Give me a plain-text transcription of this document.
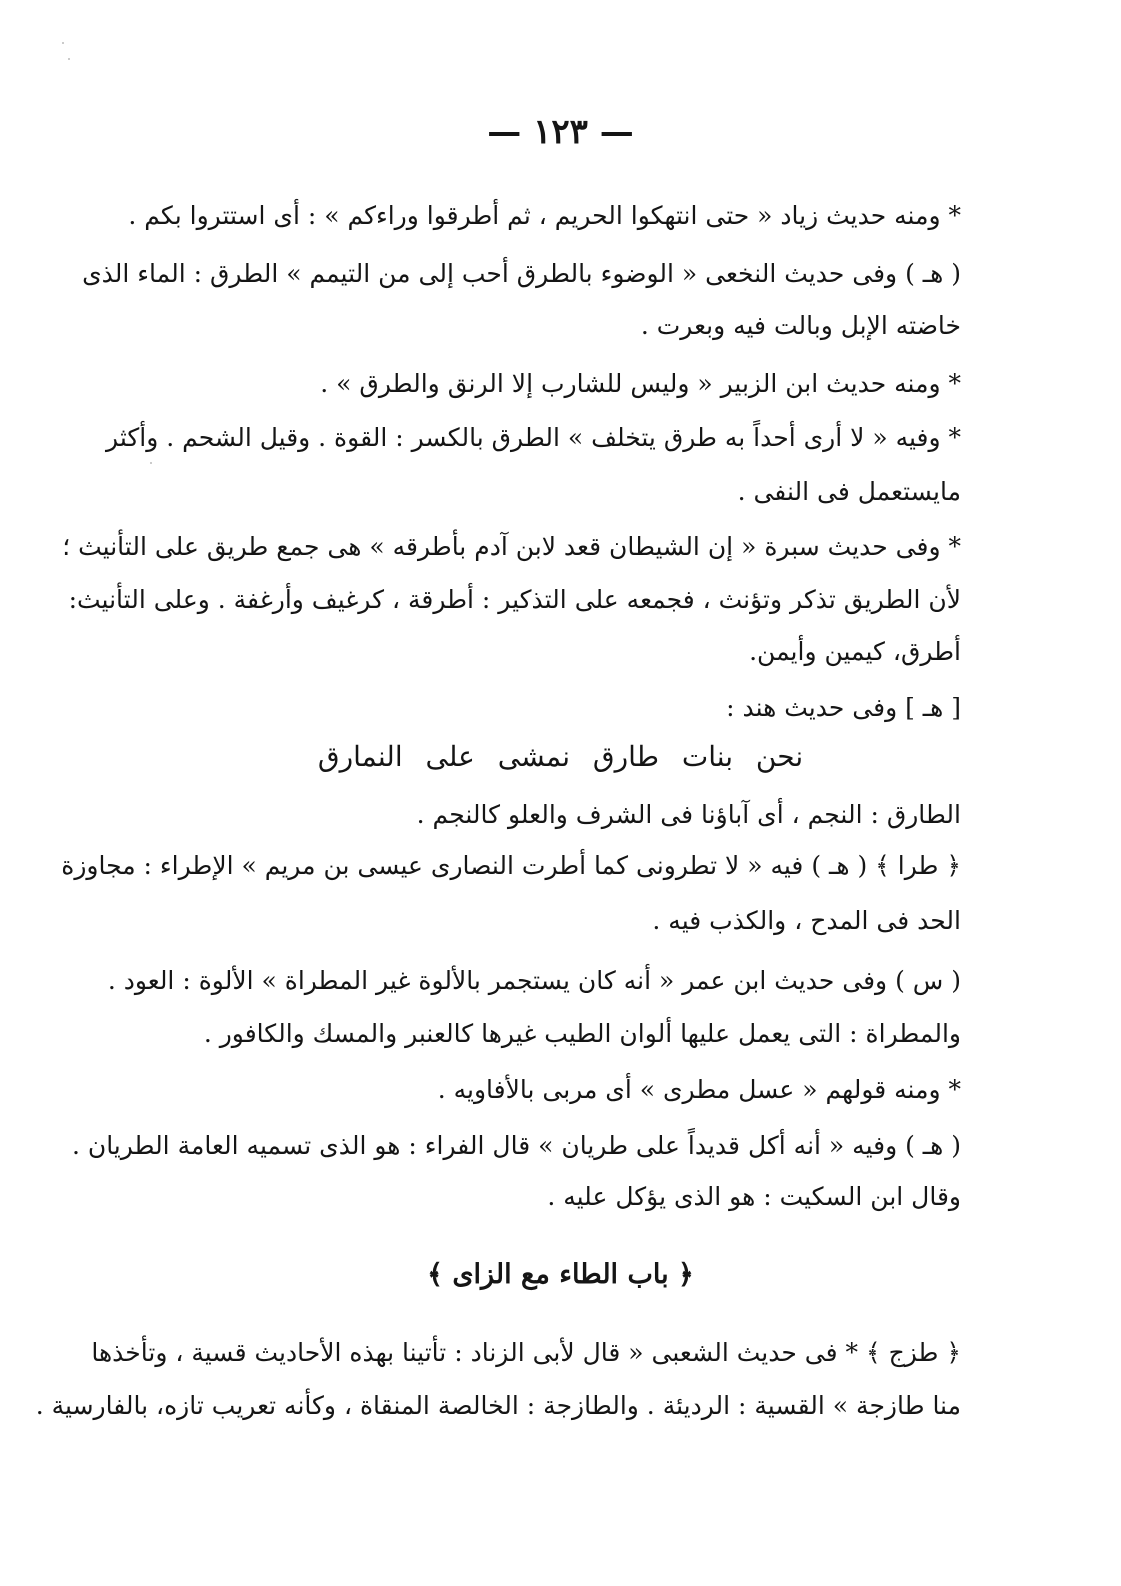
— ١٢٣ —
* ومنه حديث زياد « حتى انتهكوا الحريم ، ثم أطرقوا وراءكم » : أى استتروا بكم .
( هـ ) وفى حديث النخعى « الوضوء بالطرق أحب إلى من التيمم » الطرق : الماء الذى
خاضته الإبل وبالت فيه وبعرت .
* ومنه حديث ابن الزبير « وليس للشارب إلا الرنق والطرق » .
* وفيه « لا أرى أحداً به طرق يتخلف » الطرق بالكسر : القوة . وقيل الشحم . وأكثر
مايستعمل فى النفى .
* وفى حديث سبرة « إن الشيطان قعد لابن آدم بأطرقه » هى جمع طريق على التأنيث ؛
لأن الطريق تذكر وتؤنث ، فجمعه على التذكير : أطرقة ، كرغيف وأرغفة . وعلى التأنيث:
أطرق، كيمين وأيمن.
[ هـ ] وفى حديث هند :
نحن بنات طارق نمشى على النمارق
الطارق : النجم ، أى آباؤنا فى الشرف والعلو كالنجم .
﴿ طرا ﴾ ( هـ ) فيه « لا تطرونى كما أطرت النصارى عيسى بن مريم » الإطراء : مجاوزة
الحد فى المدح ، والكذب فيه .
( س ) وفى حديث ابن عمر « أنه كان يستجمر بالألوة غير المطراة » الألوة : العود .
والمطراة : التى يعمل عليها ألوان الطيب غيرها كالعنبر والمسك والكافور .
* ومنه قولهم « عسل مطرى » أى مربى بالأفاويه .
( هـ ) وفيه « أنه أكل قديداً على طريان » قال الفراء : هو الذى تسميه العامة الطريان .
وقال ابن السكيت : هو الذى يؤكل عليه .
﴿ باب الطاء مع الزاى ﴾
﴿ طزج ﴾ * فى حديث الشعبى « قال لأبى الزناد : تأتينا بهذه الأحاديث قسية ، وتأخذها
منا طازجة » القسية : الرديئة . والطازجة : الخالصة المنقاة ، وكأنه تعريب تازه، بالفارسية .
